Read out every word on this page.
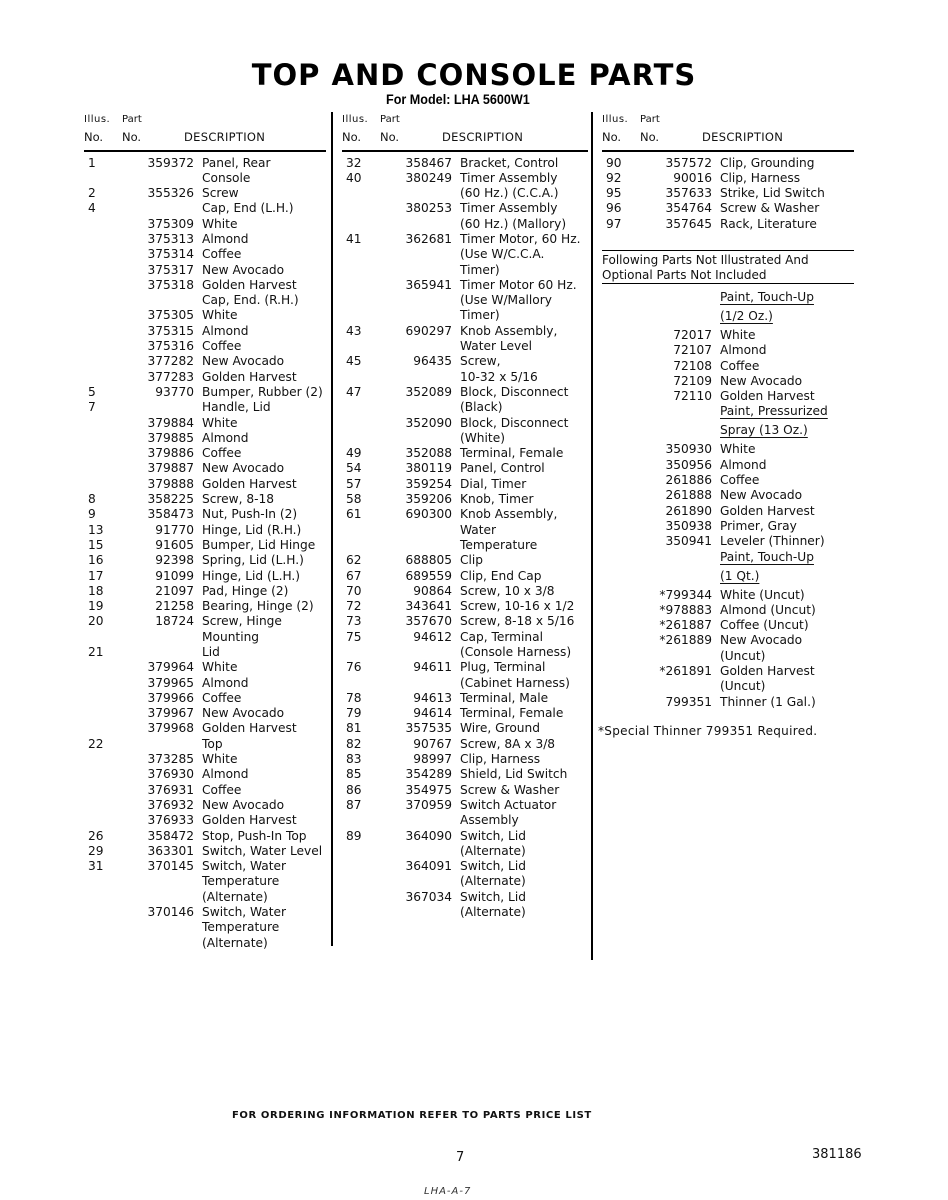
TOP AND CONSOLE PARTS
For Model: LHA 5600W1
Illus. Part
No. No.	DESCRIPTION
1	359372 Panel, Rear
Console
2	355326 Screw
4	Cap, End (L.H.)
375309 White
375313 Almond
375314 Coffee
375317 New Avocado
375318 Golden Harvest
Cap, End. (R.H.)
375305 White
375315 Almond
375316 Coffee
377282 New Avocado
377283 Golden Harvest
5	93770 Bumper, Rubber (2)
7	Handle, Lid
379884 White
379885 Almond
379886 Coffee
379887 New Avocado
379888 Golden Harvest
8	358225 Screw, 8-18
9	358473 Nut, Push-In (2)
13	91770 Hinge, Lid (R.H.)
15	91605 Bumper, Lid Hinge
16	92398 Spring, Lid (L.H.)
17	91099 Hinge, Lid (L.H.)
18	21097 Pad, Hinge (2)
19	21258 Bearing, Hinge (2)
20	18724 Screw, Hinge
Mounting
21	Lid
379964 White
379965 Almond
379966 Coffee
379967 New Avocado
379968 Golden Harvest
22	Top
373285 White
376930 Almond
376931 Coffee
376932 New Avocado
376933 Golden Harvest
26	358472 Stop, Push-In Top
29	363301 Switch, Water Level
31	370145 Switch, Water
Temperature
(Alternate)
370146 Switch, Water
Temperature
(Alternate)
Illus. Part
No. No.	DESCRIPTION
32	358467 Bracket, Control
40	380249 Timer Assembly
(60 Hz.) (C.C.A.)
380253 Timer Assembly
(60 Hz.) (Mallory)
41	362681 Timer Motor, 60 Hz.
(Use W/C.C.A.
Timer)
365941 Timer Motor 60 Hz.
(Use W/Mallory
Timer)
43	690297 Knob Assembly,
Water Level
45	96435 Screw,
10-32 x 5/16
47	352089 Block, Disconnect
(Black)
352090 Block, Disconnect
(White)
49	352088 Terminal, Female
54	380119 Panel, Control
57	359254 Dial, Timer
58	359206 Knob, Timer
61	690300 Knob Assembly,
Water
Temperature
62	688805 Clip
67	689559 Clip, End Cap
70	90864 Screw, 10 x 3/8
72	343641 Screw, 10-16 x 1/2
73	357670 Screw, 8-18 x 5/16
75	94612 Cap, Terminal
(Console Harness)
76	94611 Plug, Terminal
(Cabinet Harness)
78	94613 Terminal, Male
79	94614 Terminal, Female
81	357535 Wire, Ground
82	90767 Screw, 8A x 3/8
83	98997 Clip, Harness
85	354289 Shield, Lid Switch
86	354975 Screw & Washer
87	370959 Switch Actuator
Assembly
89	364090 Switch, Lid
(Alternate)
364091 Switch, Lid
(Alternate)
367034 Switch, Lid
(Alternate)
Illus. Part
No. No.	DESCRIPTION
90	357572 Clip, Grounding
92	90016 Clip, Harness
95	357633 Strike, Lid Switch
96	354764 Screw & Washer
97	357645 Rack, Literature
Following Parts Not Illustrated And Optional Parts Not Included
Paint, Touch-Up
(1/2 Oz.)
72017 White
72107 Almond
72108 Coffee
72109 New Avocado
72110 Golden Harvest
Paint, Pressurized
Spray (13 Oz.)
350930 White
350956 Almond
261886 Coffee
261888 New Avocado
261890 Golden Harvest
350938 Primer, Gray
350941 Leveler (Thinner)
Paint, Touch-Up
(1 Qt.)
*799344 White (Uncut)
*978883 Almond (Uncut)
*261887 Coffee (Uncut)
*261889 New Avocado
(Uncut)
*261891 Golden Harvest
(Uncut)
799351 Thinner (1 Gal.)
*Special Thinner 799351 Required.
FOR ORDERING INFORMATION REFER TO PARTS PRICE LIST
7	381186
LHA-A-7
